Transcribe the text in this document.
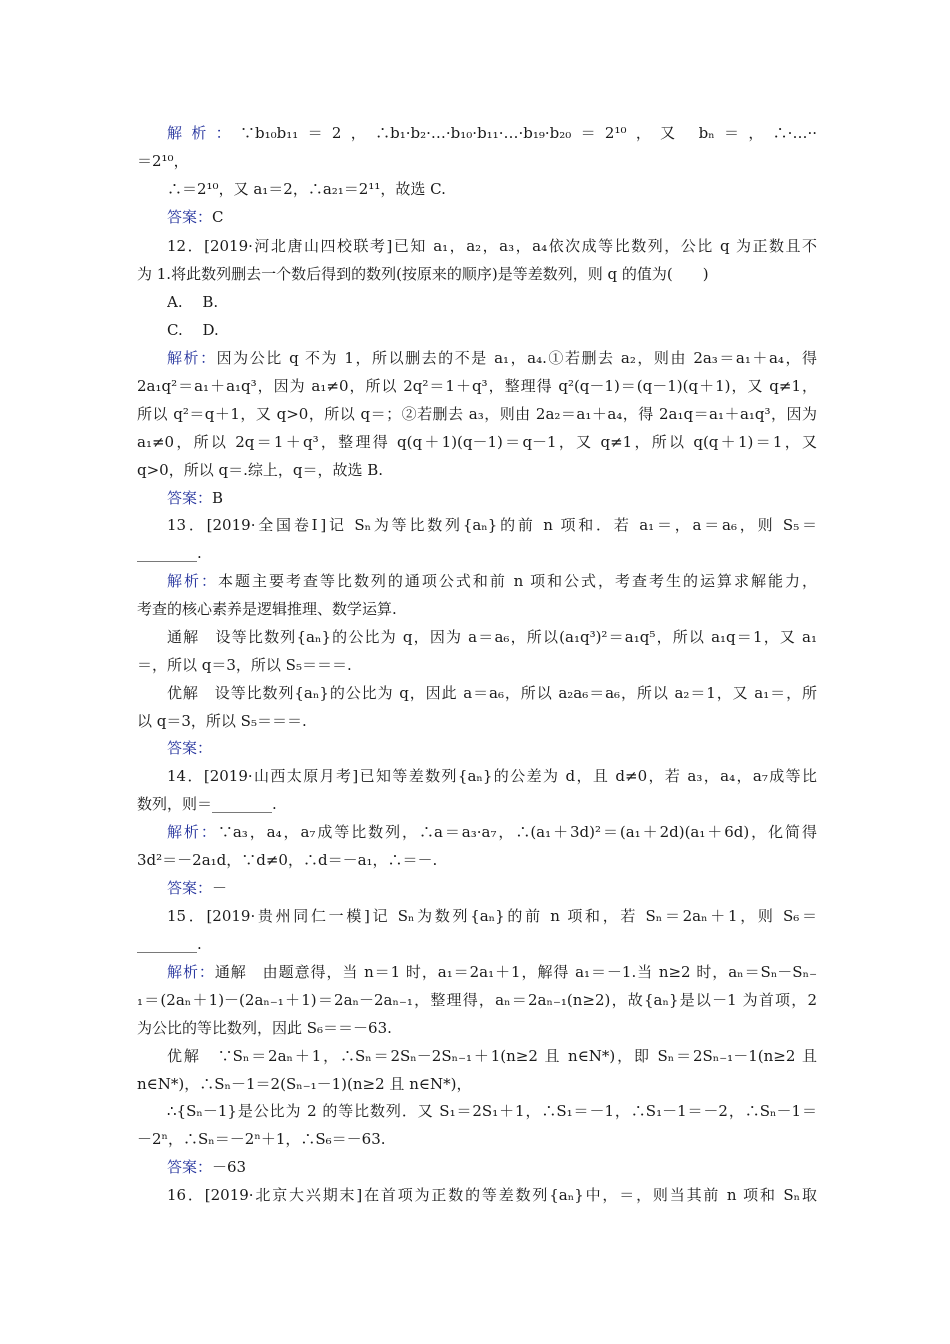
解析：∵b₁₀b₁₁＝2，∴b₁·b₂·…·b₁₀·b₁₁·…·b₁₉·b₂₀＝2¹⁰，又 bₙ＝，∴·…··
＝2¹⁰，
∴＝2¹⁰，又 a₁＝2，∴a₂₁＝2¹¹，故选 C.
答案：C
12．[2019·河北唐山四校联考]已知 a₁，a₂，a₃，a₄依次成等比数列，公比 q 为正数且不
为 1.将此数列删去一个数后得到的数列(按原来的顺序)是等差数列，则 q 的值为(　　)
A.　 B.
C.　 D.
解析：因为公比 q 不为 1，所以删去的不是 a₁，a₄.①若删去 a₂，则由 2a₃＝a₁＋a₄，得
2a₁q²＝a₁＋a₁q³，因为 a₁≠0，所以 2q²＝1＋q³，整理得 q²(q－1)＝(q－1)(q＋1)，又 q≠1，
所以 q²＝q＋1，又 q>0，所以 q＝；②若删去 a₃，则由 2a₂＝a₁＋a₄，得 2a₁q＝a₁＋a₁q³，因为
a₁≠0，所以 2q＝1＋q³，整理得 q(q＋1)(q－1)＝q－1，又 q≠1，所以 q(q＋1)＝1，又
q>0，所以 q＝.综上，q＝，故选 B.
答案：B
13．[2019·全国卷Ⅰ]记 Sₙ为等比数列{aₙ}的前 n 项和．若 a₁＝，a＝a₆，则 S₅＝
________.
解析：本题主要考查等比数列的通项公式和前 n 项和公式，考查考生的运算求解能力，
考查的核心素养是逻辑推理、数学运算.
通解　设等比数列{aₙ}的公比为 q，因为 a＝a₆，所以(a₁q³)²＝a₁q⁵，所以 a₁q＝1，又 a₁
＝，所以 q＝3，所以 S₅＝＝＝.
优解　设等比数列{aₙ}的公比为 q，因此 a＝a₆，所以 a₂a₆＝a₆，所以 a₂＝1，又 a₁＝，所
以 q＝3，所以 S₅＝＝＝.
答案：
14．[2019·山西太原月考]已知等差数列{aₙ}的公差为 d，且 d≠0，若 a₃，a₄，a₇成等比
数列，则＝________.
解析：∵a₃，a₄，a₇成等比数列，∴a＝a₃·a₇，∴(a₁＋3d)²＝(a₁＋2d)(a₁＋6d)，化简得
3d²＝－2a₁d，∵d≠0，∴d＝－a₁，∴＝－.
答案：－
15．[2019·贵州同仁一模]记 Sₙ为数列{aₙ}的前 n 项和，若 Sₙ＝2aₙ＋1，则 S₆＝
________.
解析：通解　由题意得，当 n＝1 时，a₁＝2a₁＋1，解得 a₁＝－1.当 n≥2 时，aₙ＝Sₙ－Sₙ₋
₁＝(2aₙ＋1)－(2aₙ₋₁＋1)＝2aₙ－2aₙ₋₁，整理得，aₙ＝2aₙ₋₁(n≥2)，故{aₙ}是以－1 为首项，2
为公比的等比数列，因此 S₆＝＝－63.
优解　∵Sₙ＝2aₙ＋1，∴Sₙ＝2Sₙ－2Sₙ₋₁＋1(n≥2 且 n∈N*)，即 Sₙ＝2Sₙ₋₁－1(n≥2 且
n∈N*)，∴Sₙ－1＝2(Sₙ₋₁－1)(n≥2 且 n∈N*)，
∴{Sₙ－1}是公比为 2 的等比数列．又 S₁＝2S₁＋1，∴S₁＝－1，∴S₁－1＝－2，∴Sₙ－1＝
－2ⁿ，∴Sₙ＝－2ⁿ＋1，∴S₆＝－63.
答案：－63
16．[2019·北京大兴期末]在首项为正数的等差数列{aₙ}中，＝，则当其前 n 项和 Sₙ取
